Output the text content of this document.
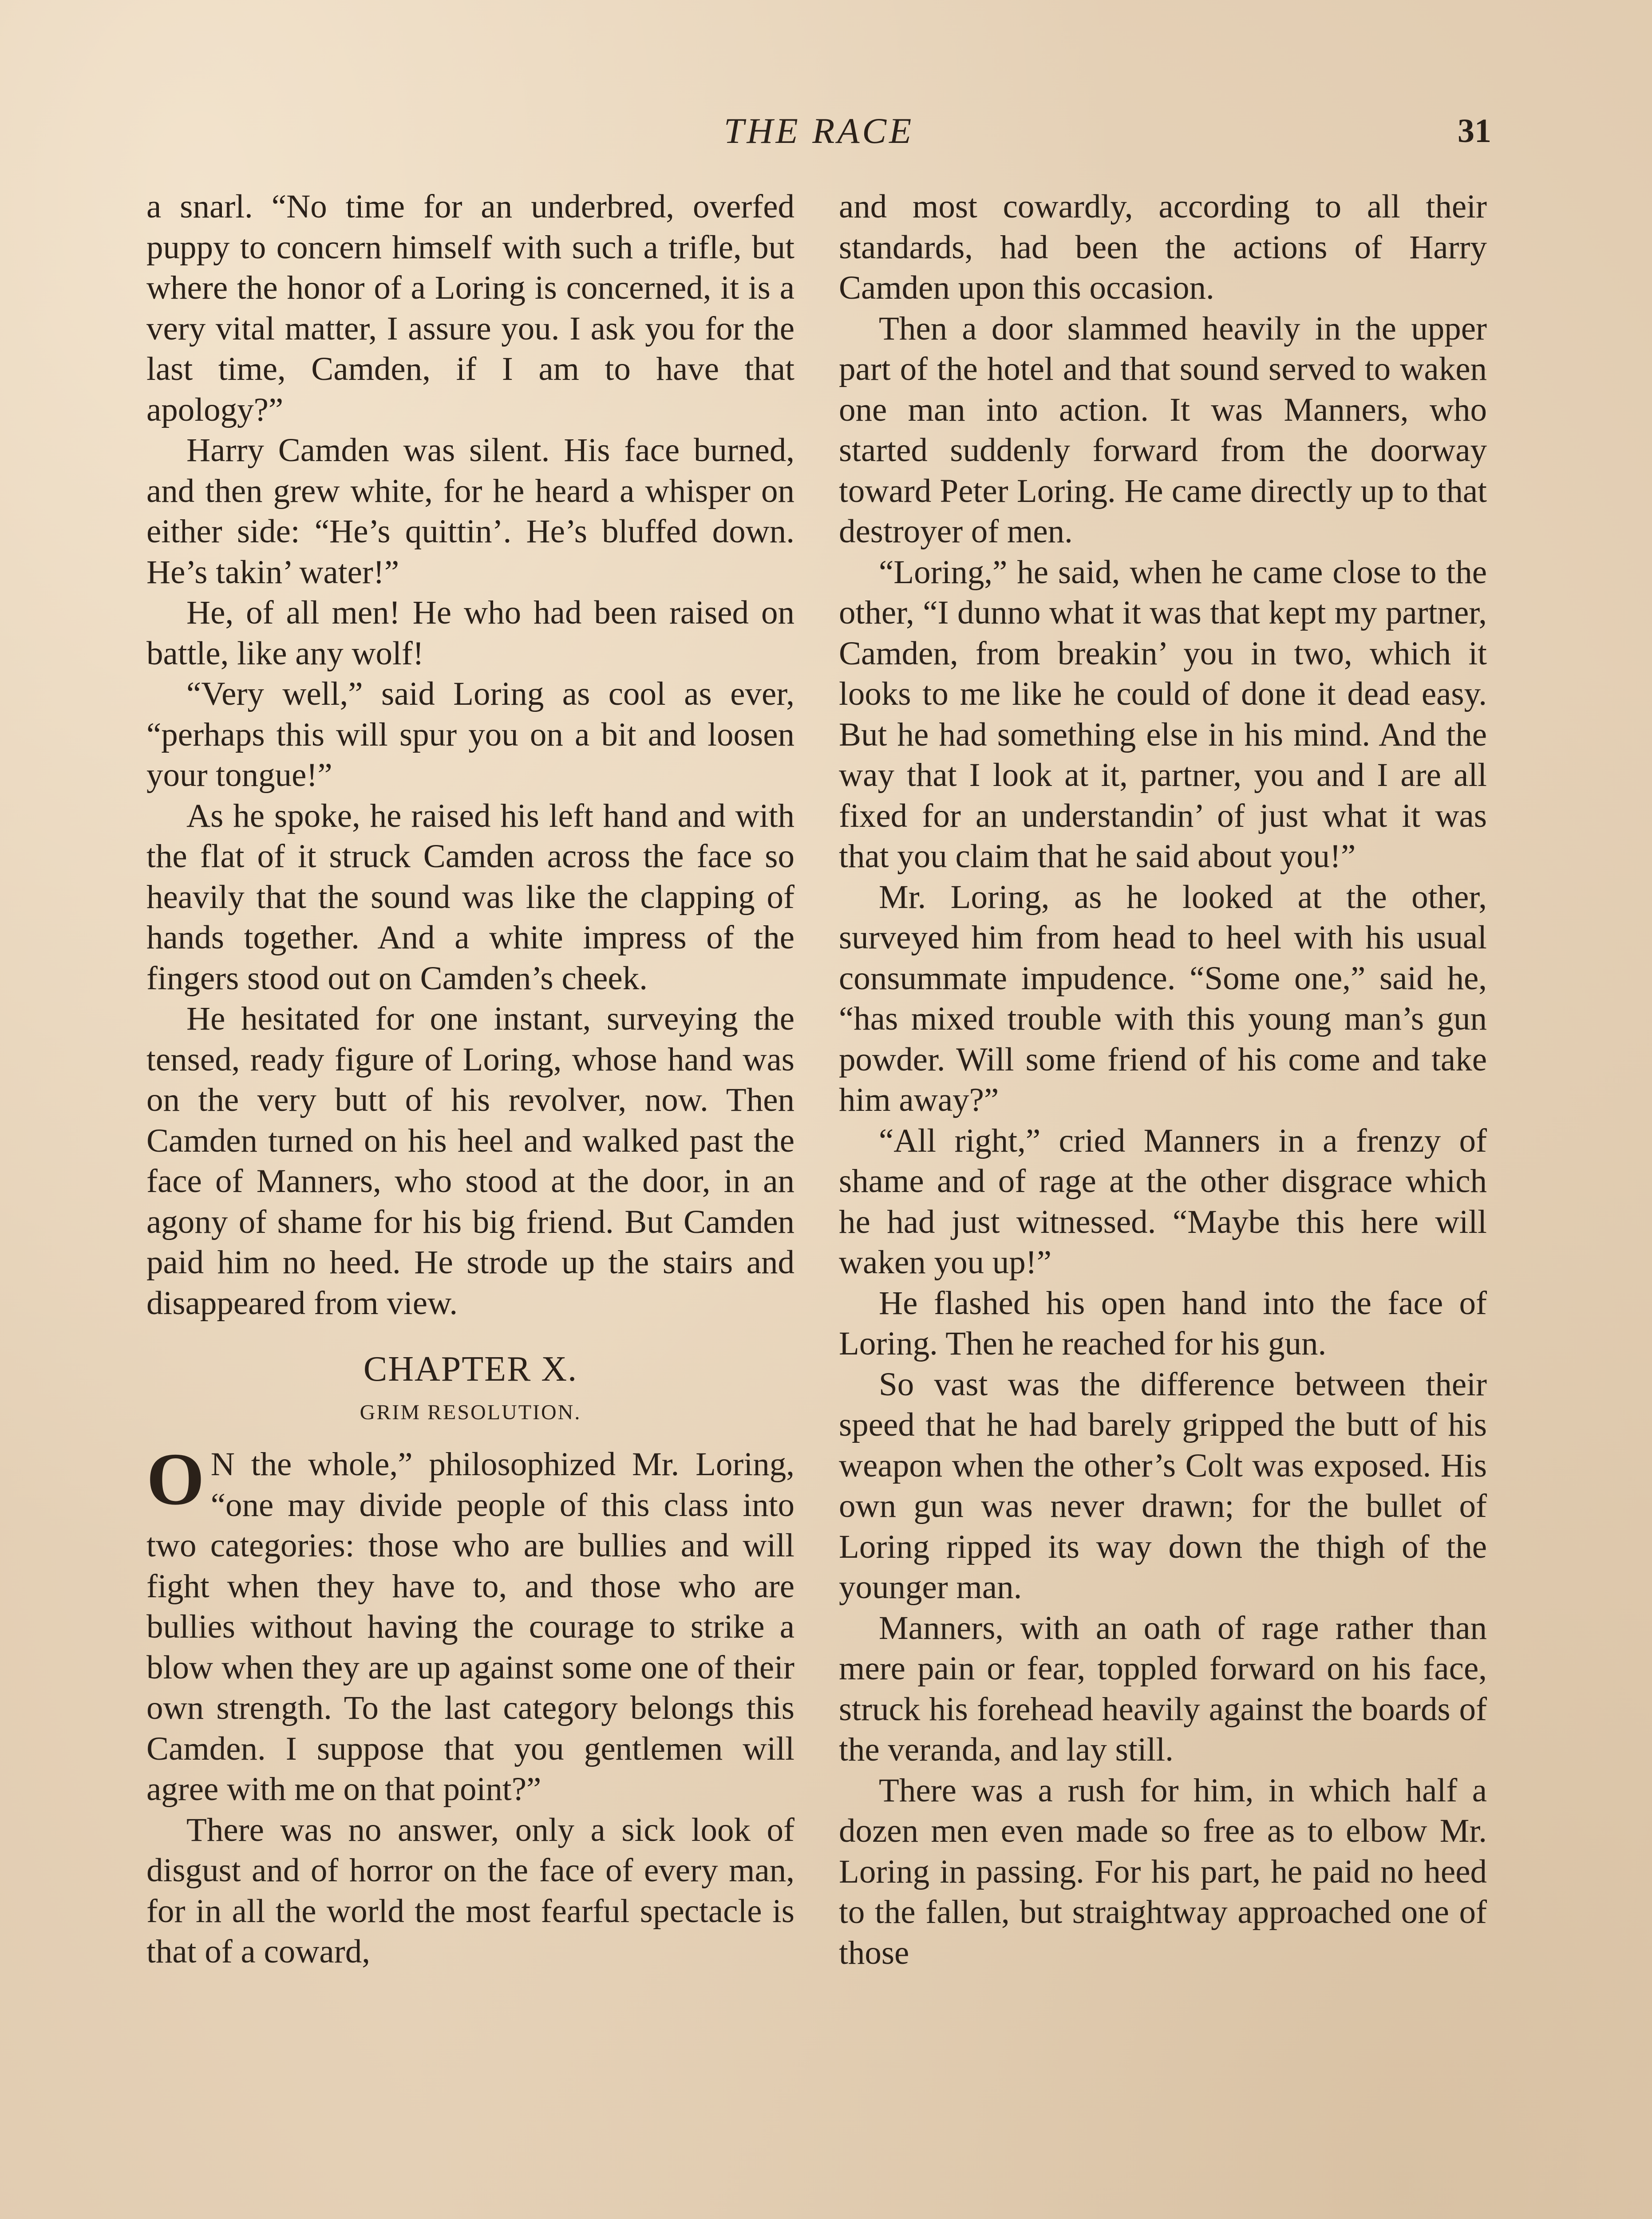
THE RACE	31

a snarl. “No time for an underbred, overfed puppy to concern himself with such a trifle, but where the honor of a Loring is concerned, it is a very vital matter, I assure you. I ask you for the last time, Camden, if I am to have that apology?”

Harry Camden was silent. His face burned, and then grew white, for he heard a whisper on either side: “He’s quittin’. He’s bluffed down. He’s takin’ water!”

He, of all men! He who had been raised on battle, like any wolf!

“Very well,” said Loring as cool as ever, “perhaps this will spur you on a bit and loosen your tongue!”

As he spoke, he raised his left hand and with the flat of it struck Camden across the face so heavily that the sound was like the clapping of hands together. And a white impress of the fingers stood out on Camden’s cheek.

He hesitated for one instant, surveying the tensed, ready figure of Loring, whose hand was on the very butt of his revolver, now. Then Camden turned on his heel and walked past the face of Manners, who stood at the door, in an agony of shame for his big friend. But Camden paid him no heed. He strode up the stairs and disappeared from view.

CHAPTER X.
GRIM RESOLUTION.

O N the whole,” philosophized Mr. Loring, “one may divide people of this class into two categories: those who are bullies and will fight when they have to, and those who are bullies without having the courage to strike a blow when they are up against some one of their own strength. To the last category belongs this Camden. I suppose that you gentlemen will agree with me on that point?”

There was no answer, only a sick look of disgust and of horror on the face of every man, for in all the world the most fearful spectacle is that of a coward,

and most cowardly, according to all their standards, had been the actions of Harry Camden upon this occasion.

Then a door slammed heavily in the upper part of the hotel and that sound served to waken one man into action. It was Manners, who started suddenly forward from the doorway toward Peter Loring. He came directly up to that destroyer of men.

“Loring,” he said, when he came close to the other, “I dunno what it was that kept my partner, Camden, from breakin’ you in two, which it looks to me like he could of done it dead easy. But he had something else in his mind. And the way that I look at it, partner, you and I are all fixed for an understandin’ of just what it was that you claim that he said about you!”

Mr. Loring, as he looked at the other, surveyed him from head to heel with his usual consummate impudence. “Some one,” said he, “has mixed trouble with this young man’s gun powder. Will some friend of his come and take him away?”

“All right,” cried Manners in a frenzy of shame and of rage at the other disgrace which he had just witnessed. “Maybe this here will waken you up!”

He flashed his open hand into the face of Loring. Then he reached for his gun.

So vast was the difference between their speed that he had barely gripped the butt of his weapon when the other’s Colt was exposed. His own gun was never drawn; for the bullet of Loring ripped its way down the thigh of the younger man.

Manners, with an oath of rage rather than mere pain or fear, toppled forward on his face, struck his forehead heavily against the boards of the veranda, and lay still.

There was a rush for him, in which half a dozen men even made so free as to elbow Mr. Loring in passing. For his part, he paid no heed to the fallen, but straightway approached one of those
